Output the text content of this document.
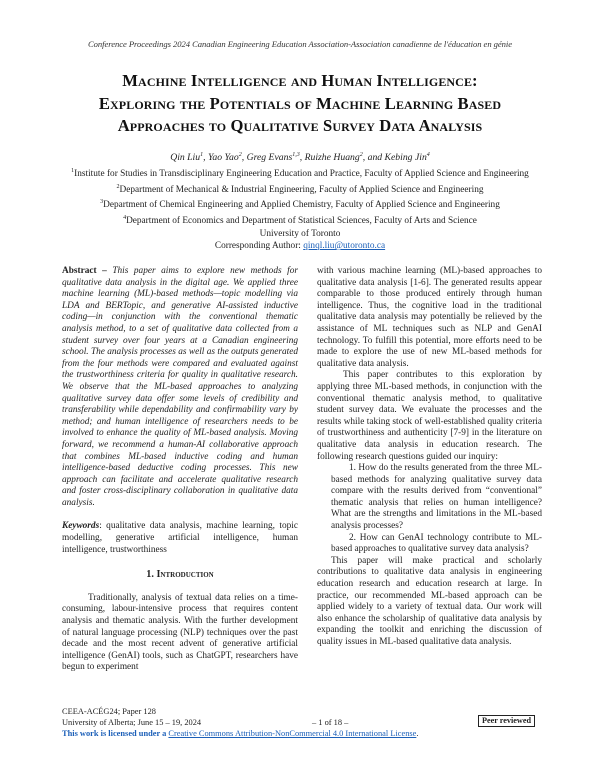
Conference Proceedings 2024 Canadian Engineering Education Association-Association canadienne de l'éducation en génie
Machine Intelligence and Human Intelligence:
Exploring the Potentials of Machine Learning Based
Approaches to Qualitative Survey Data Analysis
Qin Liu$^1$, Yao Yao$^2$, Greg Evans$^{1,3}$, Ruizhe Huang$^2$, and Kebing Jin$^4$
$^1$Institute for Studies in Transdisciplinary Engineering Education and Practice, Faculty of Applied Science and Engineering
$^2$Department of Mechanical & Industrial Engineering, Faculty of Applied Science and Engineering
$^3$Department of Chemical Engineering and Applied Chemistry, Faculty of Applied Science and Engineering
$^4$Department of Economics and Department of Statistical Sciences, Faculty of Arts and Science
University of Toronto
Corresponding Author: qinql.liu@utoronto.ca

Abstract – This paper aims to explore new methods for qualitative data analysis in the digital age. We applied three machine learning (ML)-based methods—topic modelling via LDA and BERTopic, and generative AI-assisted inductive coding—in conjunction with the conventional thematic analysis method, to a set of qualitative data collected from a student survey over four years at a Canadian engineering school. The analysis processes as well as the outputs generated from the four methods were compared and evaluated against the trustworthiness criteria for quality in qualitative research. We observe that the ML-based approaches to analyzing qualitative survey data offer some levels of credibility and transferability while dependability and confirmability vary by method; and human intelligence of researchers needs to be involved to enhance the quality of ML-based analysis. Moving forward, we recommend a human-AI collaborative approach that combines ML-based inductive coding and human intelligence-based deductive coding processes. This new approach can facilitate and accelerate qualitative research and foster cross-disciplinary collaboration in qualitative data analysis.

Keywords: qualitative data analysis, machine learning, topic modelling, generative artificial intelligence, human intelligence, trustworthiness

1. Introduction

Traditionally, analysis of textual data relies on a time-consuming, labour-intensive process that requires content analysis and thematic analysis. With the further development of natural language processing (NLP) techniques over the past decade and the most recent advent of generative artificial intelligence (GenAI) tools, such as ChatGPT, researchers have begun to experiment

with various machine learning (ML)-based approaches to qualitative data analysis [1-6]. The generated results appear comparable to those produced entirely through human intelligence. Thus, the cognitive load in the traditional qualitative data analysis may potentially be relieved by the assistance of ML techniques such as NLP and GenAI technology. To fulfill this potential, more efforts need to be made to explore the use of new ML-based methods for qualitative data analysis.

This paper contributes to this exploration by applying three ML-based methods, in conjunction with the conventional thematic analysis method, to qualitative student survey data. We evaluate the processes and the results while taking stock of well-established quality criteria of trustworthiness and authenticity [7-9] in the literature on qualitative data analysis in education research. The following research questions guided our inquiry:

1. How do the results generated from the three ML-based methods for analyzing qualitative survey data compare with the results derived from “conventional” thematic analysis that relies on human intelligence? What are the strengths and limitations in the ML-based analysis processes?

2. How can GenAI technology contribute to ML-based approaches to qualitative survey data analysis?

This paper will make practical and scholarly contributions to qualitative data analysis in engineering education research and education research at large. In practice, our recommended ML-based approach can be applied widely to a variety of textual data. Our work will also enhance the scholarship of qualitative data analysis by expanding the toolkit and enriching the discussion of quality issues in ML-based qualitative data analysis.

CEEA-ACÉG24; Paper 128
University of Alberta; June 15 – 19, 2024	– 1 of 18 –	Peer reviewed
This work is licensed under a Creative Commons Attribution-NonCommercial 4.0 International License.
